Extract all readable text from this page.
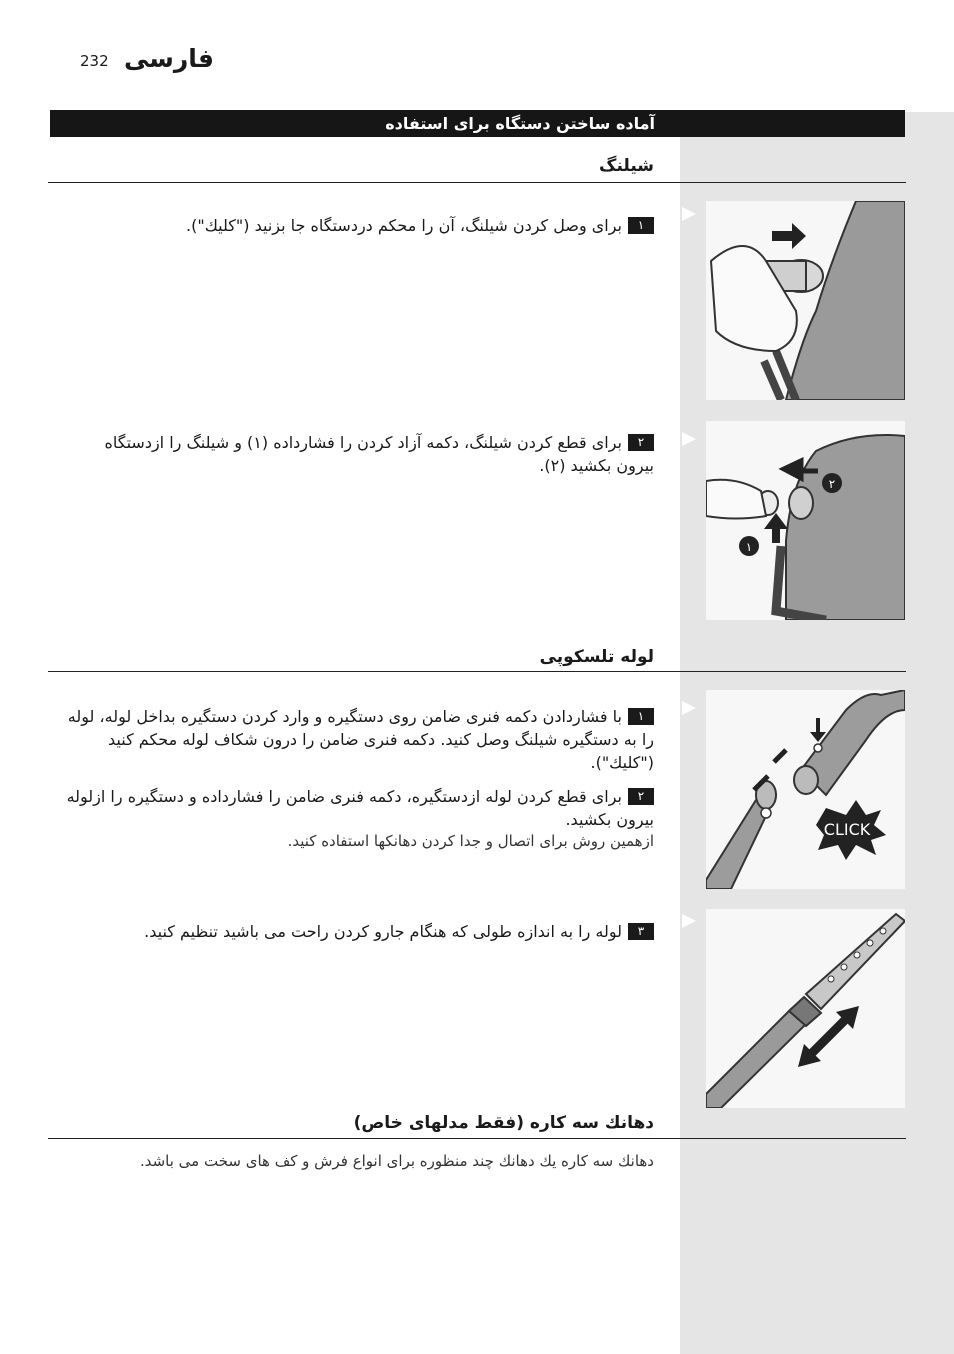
232 فارسی
آماده ساختن دستگاه برای استفاده
شیلنگ
۱برای وصل كردن شیلنگ، آن را محكم دردستگاه جا بزنيد ("كليك").
۲برای قطع كردن شیلنگ، دكمه آزاد كردن را فشارداده (۱) و شیلنگ را ازدستگاه بیرون بكشيد (۲).
۲
۱
لوله تلسکوپی
۱با فشاردادن دكمه فنری ضامن روی دستگیره و وارد كردن دستگیره بداخل لوله، لوله را به دستگیره شیلنگ وصل كنيد. دكمه فنری ضامن را درون شكاف لوله محكم كنيد ("كليك").
۲برای قطع كردن لوله ازدستگیره، دكمه فنری ضامن را فشارداده و دستگیره را ازلوله بیرون بكشيد.
ازهمين روش برای اتصال و جدا كردن دهانكها استفاده كنيد.
۳لوله را به اندازه طولی كه هنگام جارو كردن راحت می باشيد تنظيم كنيد.
CLICK
دهانك سه كاره (فقط مدلهای خاص)
دهانك سه كاره يك دهانك چند منظوره برای انواع فرش و كف های سخت می باشد.
